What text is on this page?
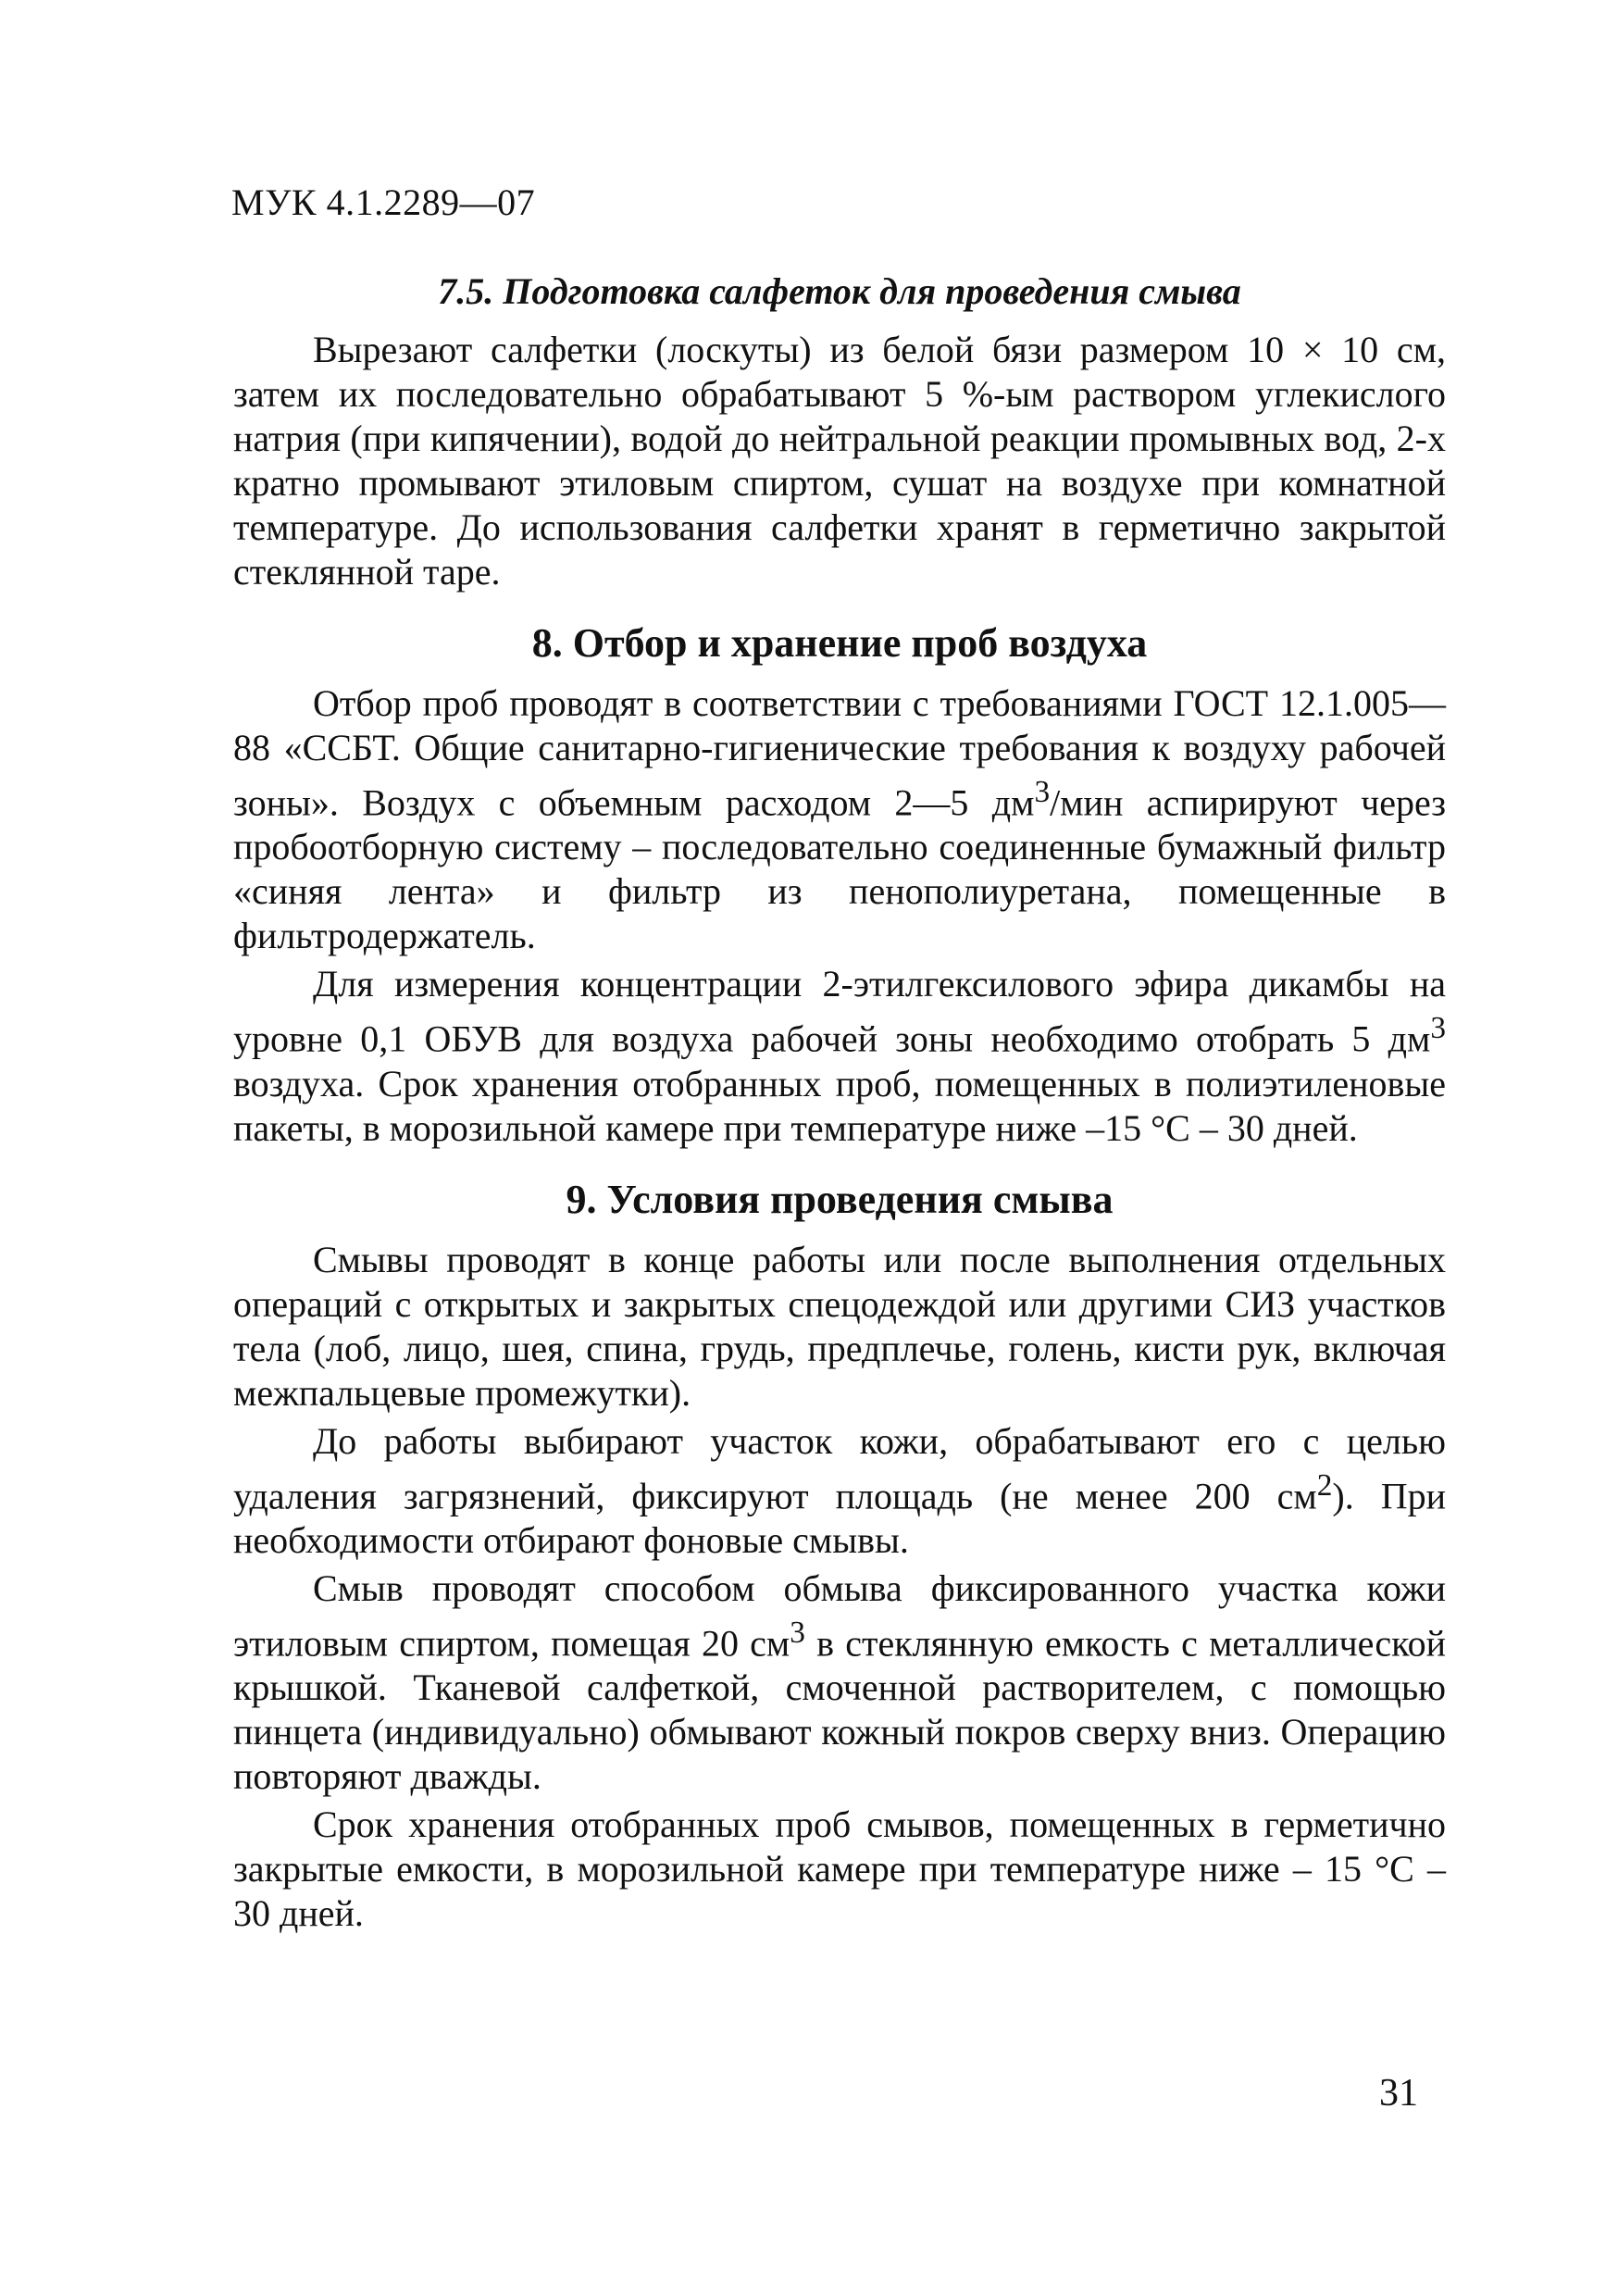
МУК 4.1.2289—07
7.5. Подготовка салфеток для проведения смыва

Вырезают салфетки (лоскуты) из белой бязи размером 10 × 10 см, затем их последовательно обрабатывают 5 %-ым раствором углекислого натрия (при кипячении), водой до нейтральной реакции промывных вод, 2-х кратно промывают этиловым спиртом, сушат на воздухе при комнатной температуре. До использования салфетки хранят в герметично закрытой стеклянной таре.

8. Отбор и хранение проб воздуха

Отбор проб проводят в соответствии с требованиями ГОСТ 12.1.005—88 «ССБТ. Общие санитарно-гигиенические требования к воздуху рабочей зоны». Воздух с объемным расходом 2—5 $дм^3$/мин аспирируют через пробоотборную систему – последовательно соединенные бумажный фильтр «синяя лента» и фильтр из пенополиуретана, помещенные в фильтродержатель.

Для измерения концентрации 2-этилгексилового эфира дикамбы на уровне 0,1 ОБУВ для воздуха рабочей зоны необходимо отобрать 5 $дм^3$ воздуха. Срок хранения отобранных проб, помещенных в полиэтиленовые пакеты, в морозильной камере при температуре ниже –15 °С – 30 дней.

9. Условия проведения смыва

Смывы проводят в конце работы или после выполнения отдельных операций с открытых и закрытых спецодеждой или другими СИЗ участков тела (лоб, лицо, шея, спина, грудь, предплечье, голень, кисти рук, включая межпальцевые промежутки).

До работы выбирают участок кожи, обрабатывают его с целью удаления загрязнений, фиксируют площадь (не менее 200 $см^2$). При необходимости отбирают фоновые смывы.

Смыв проводят способом обмыва фиксированного участка кожи этиловым спиртом, помещая 20 $см^3$ в стеклянную емкость с металлической крышкой. Тканевой салфеткой, смоченной растворителем, с помощью пинцета (индивидуально) обмывают кожный покров сверху вниз. Операцию повторяют дважды.

Срок хранения отобранных проб смывов, помещенных в герметично закрытые емкости, в морозильной камере при температуре ниже – 15 °С – 30 дней.

31
